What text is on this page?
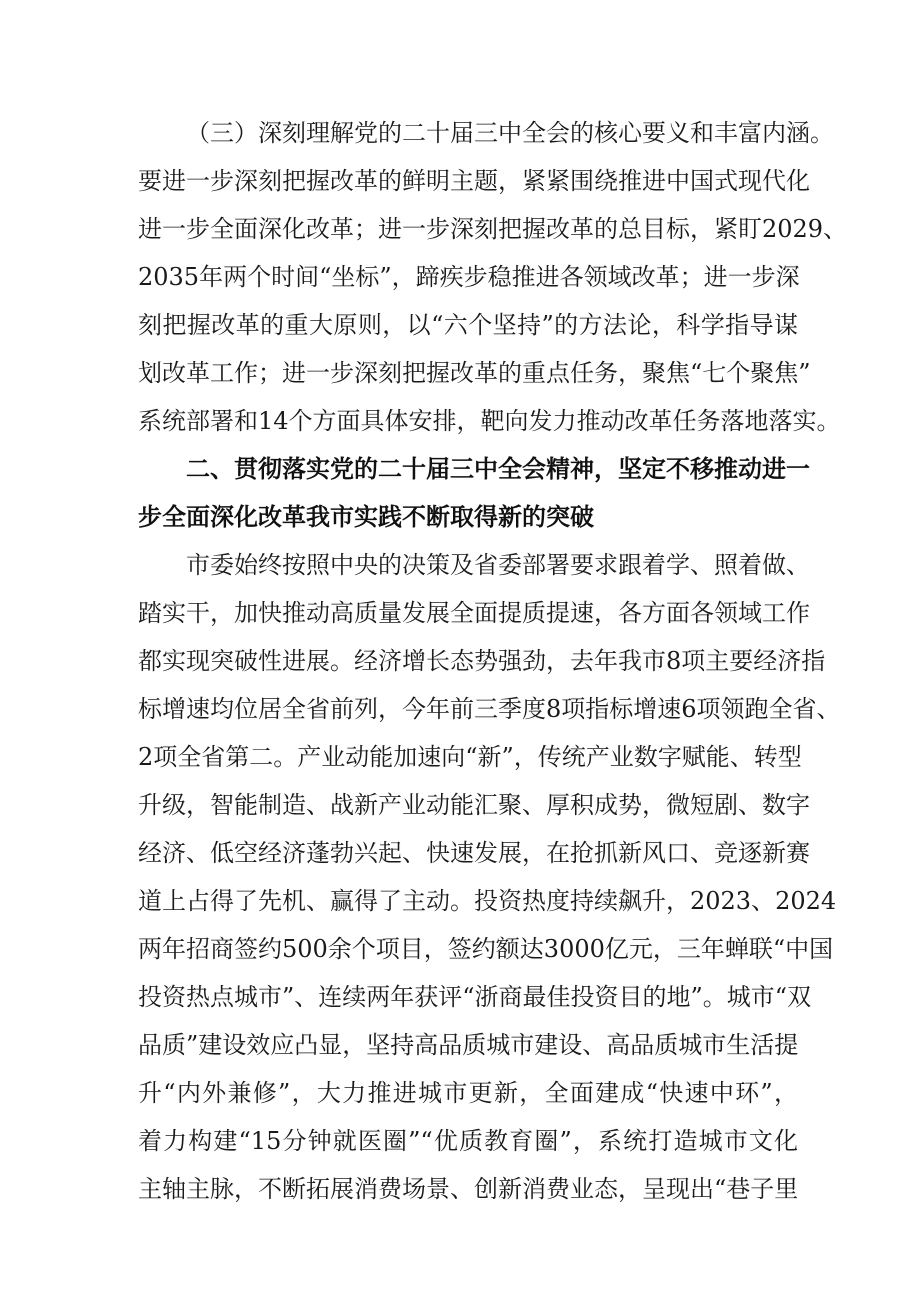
（三）深刻理解党的二十届三中全会的核心要义和丰富内涵。
要进一步深刻把握改革的鲜明主题，紧紧围绕推进中国式现代化
进一步全面深化改革；进一步深刻把握改革的总目标，紧盯2029、
2035年两个时间“坐标”，蹄疾步稳推进各领域改革；进一步深
刻把握改革的重大原则，以“六个坚持”的方法论，科学指导谋
划改革工作；进一步深刻把握改革的重点任务，聚焦“七个聚焦”
系统部署和14个方面具体安排，靶向发力推动改革任务落地落实。
二、贯彻落实党的二十届三中全会精神，坚定不移推动进一
步全面深化改革我市实践不断取得新的突破
市委始终按照中央的决策及省委部署要求跟着学、照着做、
踏实干，加快推动高质量发展全面提质提速，各方面各领域工作
都实现突破性进展。经济增长态势强劲，去年我市8项主要经济指
标增速均位居全省前列，今年前三季度8项指标增速6项领跑全省、
2项全省第二。产业动能加速向“新”，传统产业数字赋能、转型
升级，智能制造、战新产业动能汇聚、厚积成势，微短剧、数字
经济、低空经济蓬勃兴起、快速发展，在抢抓新风口、竞逐新赛
道上占得了先机、赢得了主动。投资热度持续飙升，2023、2024
两年招商签约500余个项目，签约额达3000亿元，三年蝉联“中国
投资热点城市”、连续两年获评“浙商最佳投资目的地”。城市“双
品质”建设效应凸显，坚持高品质城市建设、高品质城市生活提
升“内外兼修”，大力推进城市更新，全面建成“快速中环”，
着力构建“15分钟就医圈”“优质教育圈”，系统打造城市文化
主轴主脉，不断拓展消费场景、创新消费业态，呈现出“巷子里
